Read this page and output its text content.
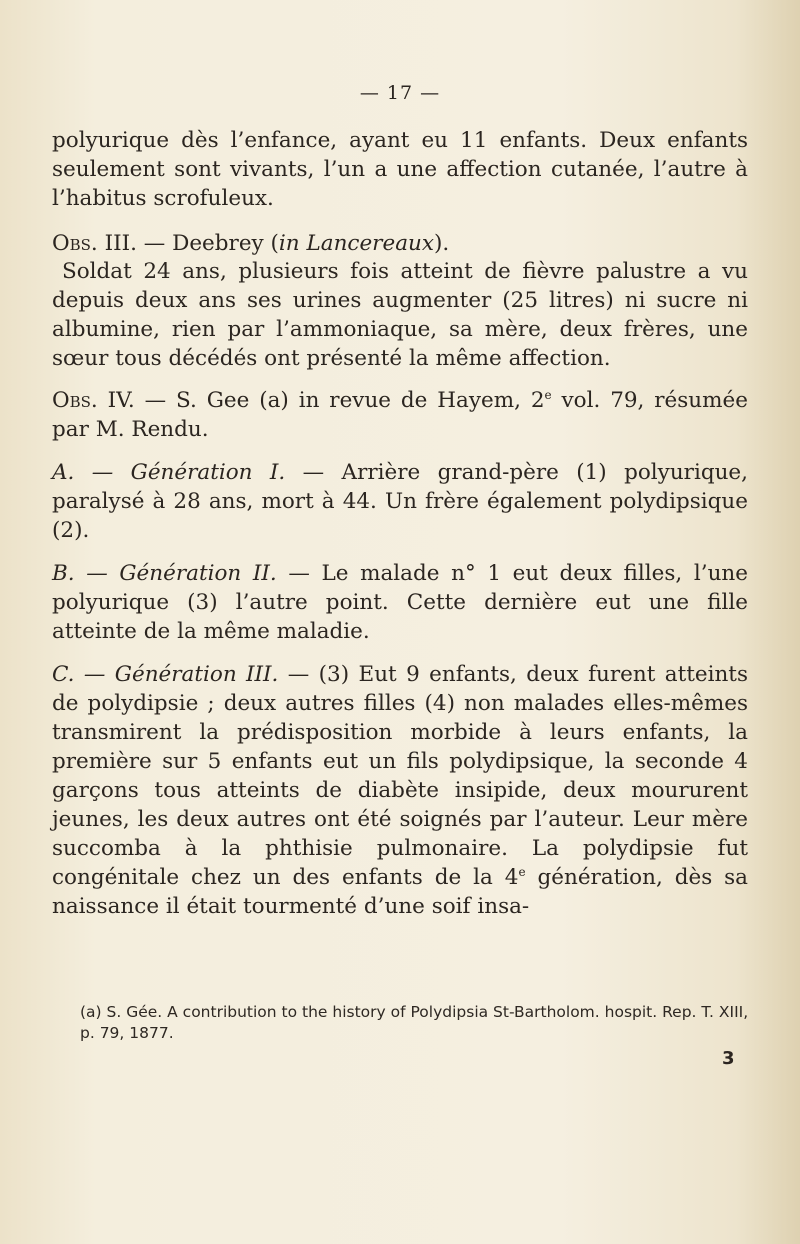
— 17 —

polyurique dès l’enfance, ayant eu 11 enfants. Deux enfants seulement sont vivants, l’un a une affection cutanée, l’autre à l’habitus scrofuleux.

Obs. III. — Deebrey (in Lancereaux).

Soldat 24 ans, plusieurs fois atteint de fièvre palustre a vu depuis deux ans ses urines augmenter (25 litres) ni sucre ni albumine, rien par l’ammoniaque, sa mère, deux frères, une sœur tous décédés ont présenté la même affection.

Obs. IV. — S. Gee (a) in revue de Hayem, 2e vol. 79, résumée par M. Rendu.

A. — Génération I. — Arrière grand-père (1) polyurique, paralysé à 28 ans, mort à 44. Un frère également polydipsique (2).

B. — Génération II. — Le malade n° 1 eut deux filles, l’une polyurique (3) l’autre point. Cette dernière eut une fille atteinte de la même maladie.

C. — Génération III. — (3) Eut 9 enfants, deux furent atteints de polydipsie ; deux autres filles (4) non malades elles-mêmes transmirent la prédisposition morbide à leurs enfants, la première sur 5 enfants eut un fils polydipsique, la seconde 4 garçons tous atteints de diabète insipide, deux moururent jeunes, les deux autres ont été soignés par l’auteur. Leur mère succomba à la phthisie pulmonaire. La polydipsie fut congénitale chez un des enfants de la 4e génération, dès sa naissance il était tourmenté d’une soif insa-

(a) S. Gée. A contribution to the history of Polydipsia St-Bartholom. hospit. Rep. T. XIII, p. 79, 1877.
3
